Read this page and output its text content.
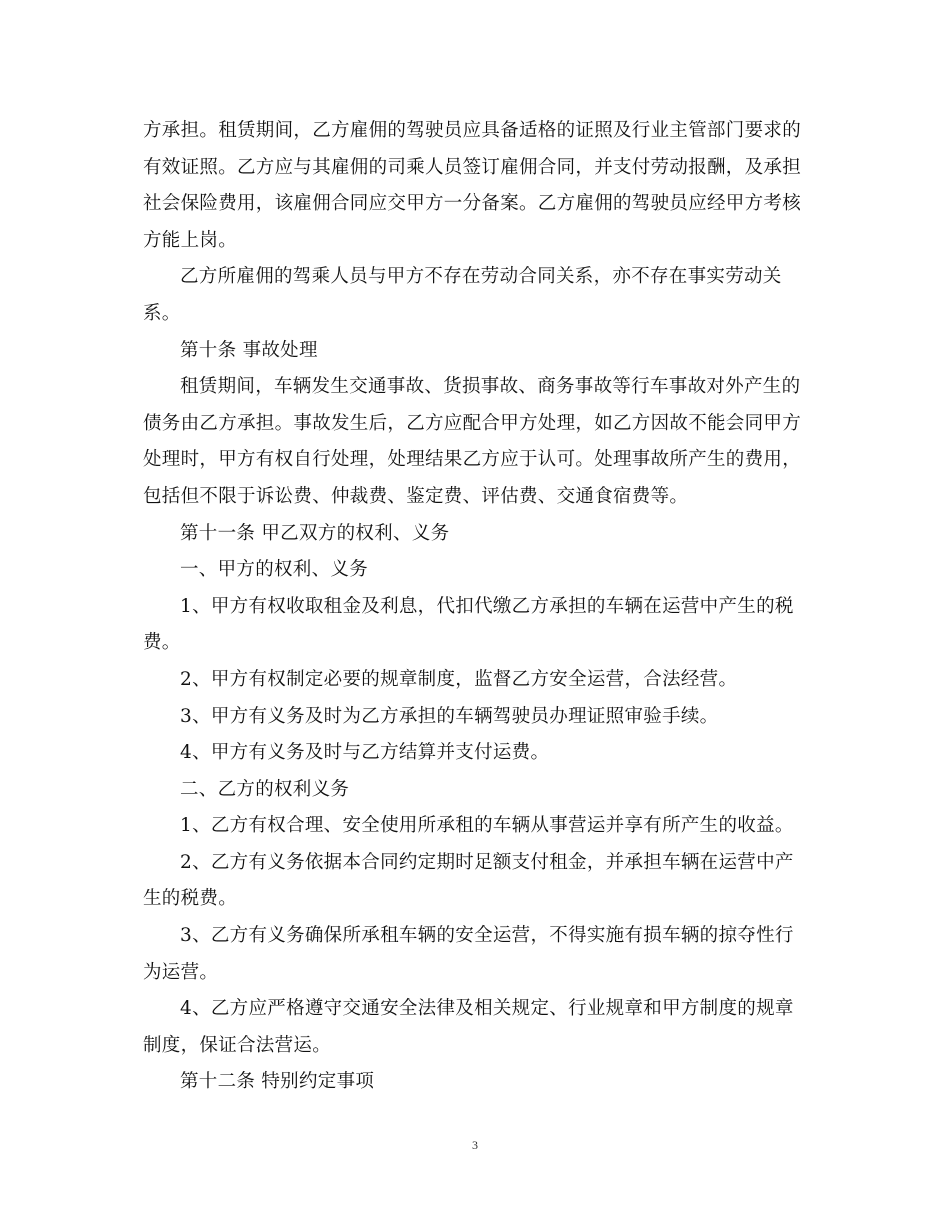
方承担。租赁期间，乙方雇佣的驾驶员应具备适格的证照及行业主管部门要求的有效证照。乙方应与其雇佣的司乘人员签订雇佣合同，并支付劳动报酬，及承担社会保险费用，该雇佣合同应交甲方一分备案。乙方雇佣的驾驶员应经甲方考核方能上岗。

乙方所雇佣的驾乘人员与甲方不存在劳动合同关系，亦不存在事实劳动关系。

第十条 事故处理

租赁期间，车辆发生交通事故、货损事故、商务事故等行车事故对外产生的债务由乙方承担。事故发生后，乙方应配合甲方处理，如乙方因故不能会同甲方处理时，甲方有权自行处理，处理结果乙方应于认可。处理事故所产生的费用，包括但不限于诉讼费、仲裁费、鉴定费、评估费、交通食宿费等。

第十一条 甲乙双方的权利、义务

一、甲方的权利、义务

1、甲方有权收取租金及利息，代扣代缴乙方承担的车辆在运营中产生的税费。

2、甲方有权制定必要的规章制度，监督乙方安全运营，合法经营。

3、甲方有义务及时为乙方承担的车辆驾驶员办理证照审验手续。

4、甲方有义务及时与乙方结算并支付运费。

二、乙方的权利义务

1、乙方有权合理、安全使用所承租的车辆从事营运并享有所产生的收益。

2、乙方有义务依据本合同约定期时足额支付租金，并承担车辆在运营中产生的税费。

3、乙方有义务确保所承租车辆的安全运营，不得实施有损车辆的掠夺性行为运营。

4、乙方应严格遵守交通安全法律及相关规定、行业规章和甲方制度的规章制度，保证合法营运。

第十二条 特别约定事项

3
